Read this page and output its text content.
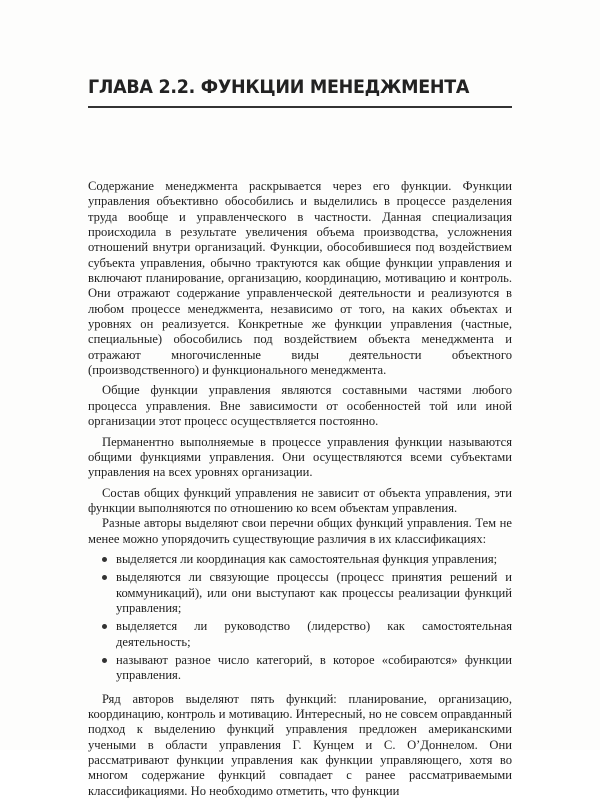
ГЛАВА 2.2. ФУНКЦИИ МЕНЕДЖМЕНТА

Содержание менеджмента раскрывается через его функции. Функции управления объективно обособились и выделились в процессе разделения труда вообще и управленческого в частности. Данная специализация происходила в результате увеличения объема производства, усложнения отношений внутри организаций. Функции, обособившиеся под воздействием субъекта управления, обычно трактуются как общие функции управления и включают планирование, организацию, координацию, мотивацию и контроль. Они отражают содержание управленческой деятельности и реализуются в любом процессе менеджмента, независимо от того, на каких объектах и уровнях он реализуется. Конкретные же функции управления (частные, специальные) обособились под воздействием объекта менеджмента и отражают многочисленные виды деятельности объектного (производственного) и функционального менеджмента.

Общие функции управления являются составными частями любого процесса управления. Вне зависимости от особенностей той или иной организации этот процесс осуществляется постоянно.

Перманентно выполняемые в процессе управления функции называются общими функциями управления. Они осуществляются всеми субъектами управления на всех уровнях организации.

Состав общих функций управления не зависит от объекта управления, эти функции выполняются по отношению ко всем объектам управления.

Разные авторы выделяют свои перечни общих функций управления. Тем не менее можно упорядочить существующие различия в их классификациях:

выделяется ли координация как самостоятельная функция управления;
выделяются ли связующие процессы (процесс принятия решений и коммуникаций), или они выступают как процессы реализации функций управления;
выделяется ли руководство (лидерство) как самостоятельная деятельность;
называют разное число категорий, в которое «собираются» функции управления.

Ряд авторов выделяют пять функций: планирование, организацию, координацию, контроль и мотивацию. Интересный, но не совсем оправданный подход к выделению функций управления предложен американскими учеными в области управления Г. Кунцем и С. О’Доннелом. Они рассматривают функции управления как функции управляющего, хотя во многом содержание функций совпадает с ранее рассматриваемыми классификациями. Но необходимо отметить, что функции
